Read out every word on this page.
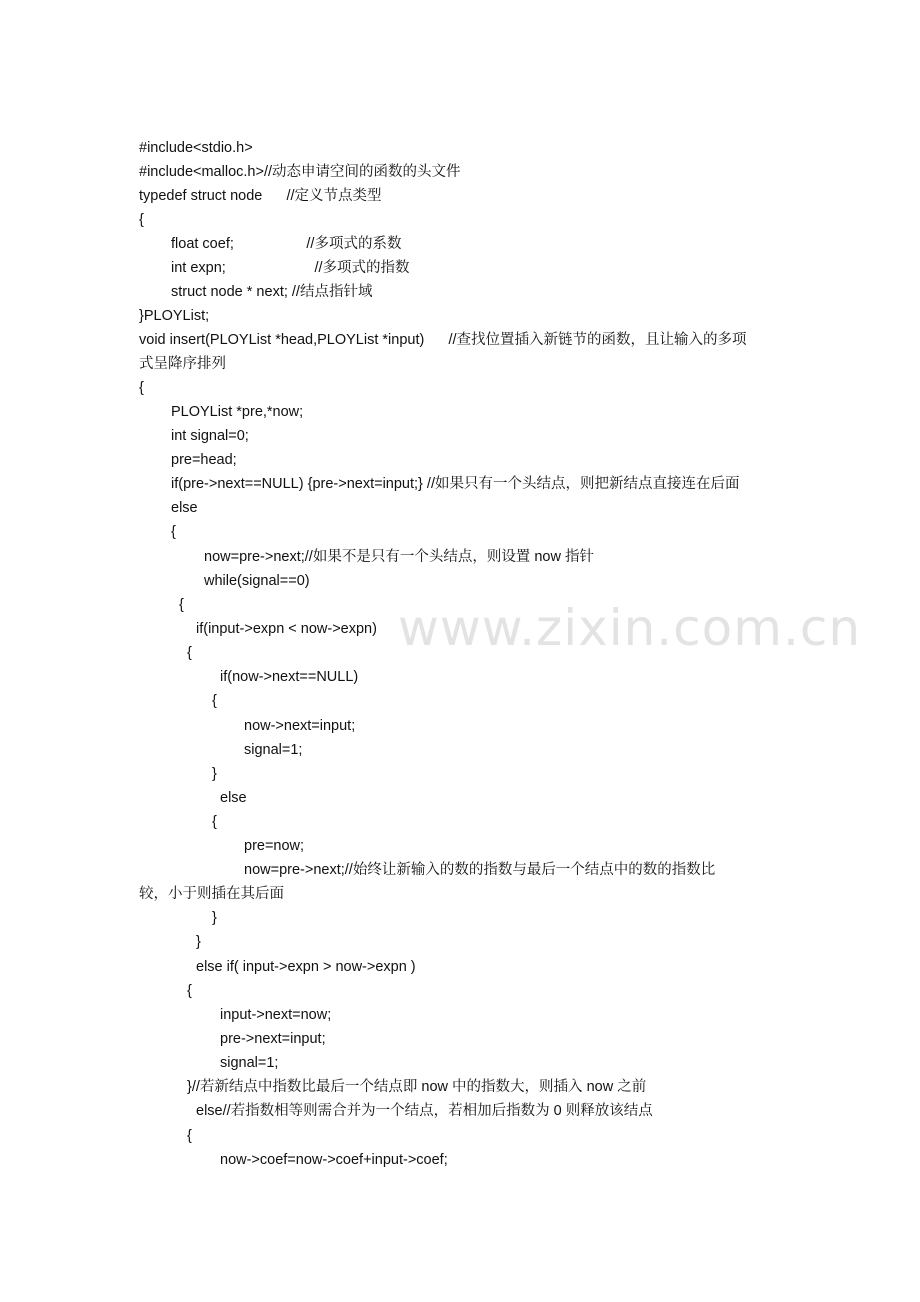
www.zixin.com.cn
#include<stdio.h>
#include<malloc.h>//动态申请空间的函数的头文件
typedef struct node      //定义节点类型
{
float coef;                  //多项式的系数
int expn;                      //多项式的指数
struct node * next; //结点指针域
}PLOYList;
void insert(PLOYList *head,PLOYList *input)      //查找位置插入新链节的函数，且让输入的多项
式呈降序排列
{
PLOYList *pre,*now;
int signal=0;
pre=head;
if(pre->next==NULL) {pre->next=input;} //如果只有一个头结点，则把新结点直接连在后面
else
{
now=pre->next;//如果不是只有一个头结点，则设置 now 指针
while(signal==0)
{
if(input->expn < now->expn)
{
if(now->next==NULL)
{
now->next=input;
signal=1;
}
else
{
pre=now;
now=pre->next;//始终让新输入的数的指数与最后一个结点中的数的指数比
较，小于则插在其后面
}
}
else if( input->expn > now->expn )
{
input->next=now;
pre->next=input;
signal=1;
}//若新结点中指数比最后一个结点即 now 中的指数大，则插入 now 之前
else//若指数相等则需合并为一个结点，若相加后指数为 0 则释放该结点
{
now->coef=now->coef+input->coef;
